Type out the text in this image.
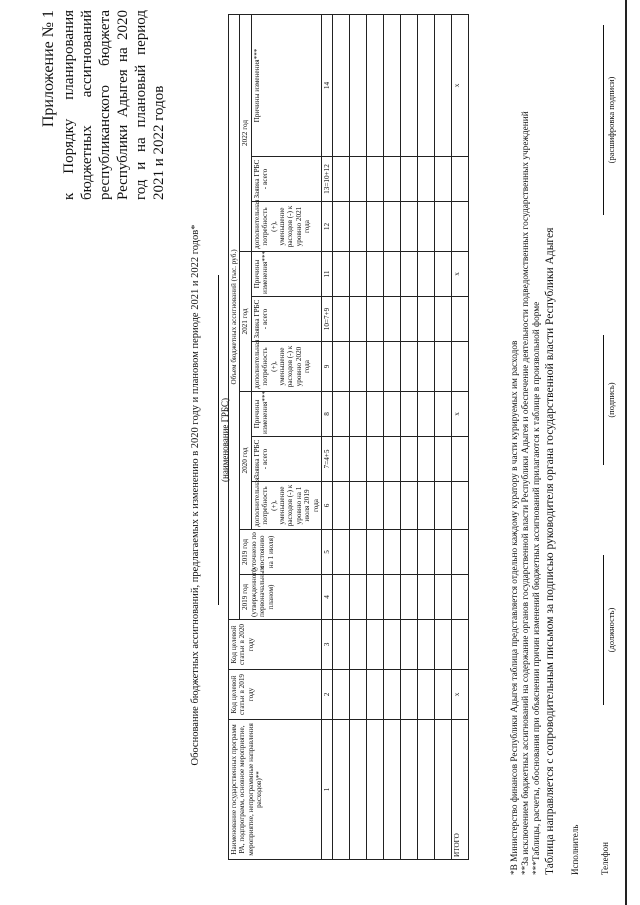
Приложение № 1 к Порядку планирования бюджетных ассигнований республиканского бюджета Республики Адыгея на 2020 год и на плановый период 2021 и 2022 годов
Обоснование бюджетных ассигнований, предлагаемых к изменению в 2020 году и плановом периоде 2021 и 2022 годов* (наименование ГРБС)
Наименование государственных программ РА, подпрограмм, основное мероприятие, мероприятие, непрограммные направления расходов)**	Код целевой статьи в 2019 году	Код целевой статьи в 2020 году	Объем бюджетных ассигнований (тыс. руб.)										
			2019 год (утвержденного первоначальным планом)	2019 год (уточнено по состоянию на 1 июля)	2020 год			2021 год			2022 год		
					дополнительная потребность (+), уменьшение расходов (-) к уровню на 1 июля 2019 года	Заявка ГРБС - всего	Причины изменения***	дополнительная потребность (+), уменьшение расходов (-) к уровню 2020 года	Заявка ГРБС - всего	Причины изменения***	дополнительная потребность (+), уменьшение расходов (-) к уровню 2021 года	Заявка ГРБС - всего	Причины изменения***
1	2	3	4	5	6	7=4+5	8	9	10=7+9	11	12	13=10+12	14

ИТОГО	x						x			x			x
*В Министерство финансов Республики Адыгея таблица представляется отдельно каждому куратору в части курируемых им расходов **За исключением бюджетных ассигнований на содержание органов государственной власти Республики Адыгея и обеспечение деятельности подведомственных государственных учреждений ***Таблицы, расчеты, обоснования при объяснении причин изменений бюджетных ассигнований прилагаются к таблице в произвольной форме Таблица направляется с сопроводительным письмом за подписью руководителя органа государственной власти Республики Адыгея Исполнитель Телефон
(должность)
(подпись)
(расшифровка подписи)
